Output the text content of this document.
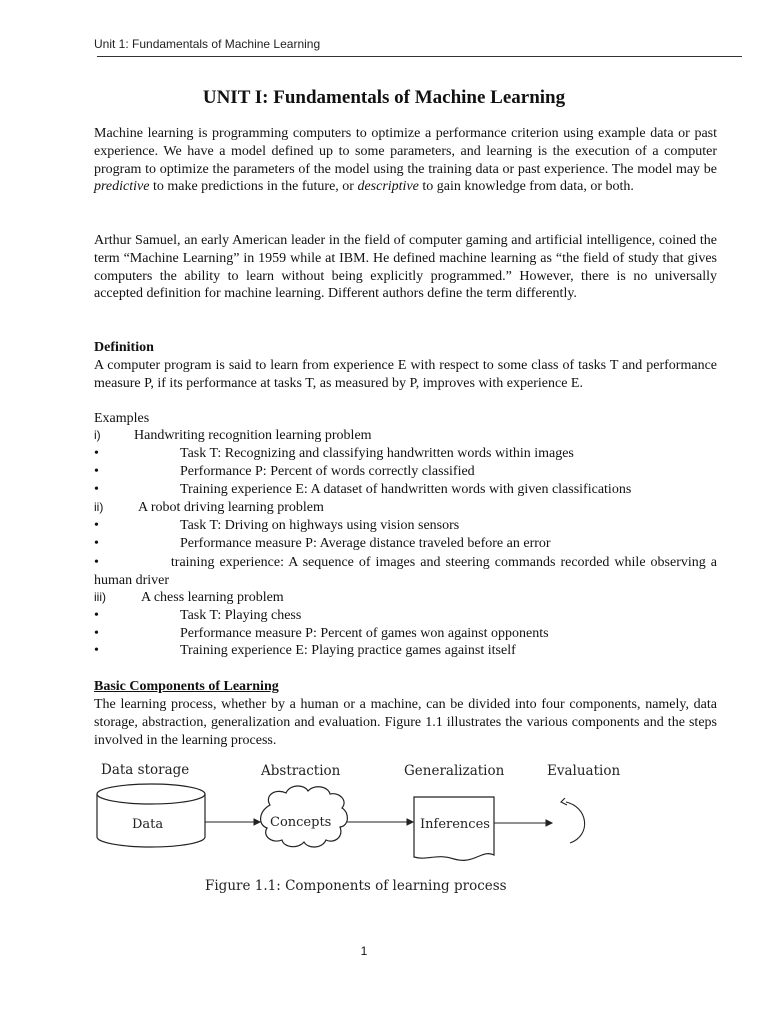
Unit 1: Fundamentals of Machine Learning
UNIT I: Fundamentals of Machine Learning

Machine learning is programming computers to optimize a performance criterion using example data or past experience. We have a model defined up to some parameters, and learning is the execution of a computer program to optimize the parameters of the model using the training data or past experience. The model may be predictive to make predictions in the future, or descriptive to gain knowledge from data, or both.

Arthur Samuel, an early American leader in the field of computer gaming and artificial intelligence, coined the term “Machine Learning” in 1959 while at IBM. He defined machine learning as “the field of study that gives computers the ability to learn without being explicitly programmed.” However, there is no universally accepted definition for machine learning. Different authors define the term differently.

Definition

A computer program is said to learn from experience E with respect to some class of tasks T and performance measure P, if its performance at tasks T, as measured by P, improves with experience E.

Examples
i) Handwriting recognition learning problem
•	Task T: Recognizing and classifying handwritten words within images
•	Performance P: Percent of words correctly classified
•	Training experience E: A dataset of handwritten words with given classifications
ii) A robot driving learning problem
•	Task T: Driving on highways using vision sensors
•	Performance measure P: Average distance traveled before an error
•	training experience: A sequence of images and steering commands recorded while observing a human driver
iii)	A chess learning problem
•	Task T: Playing chess
•	Performance measure P: Percent of games won against opponents
•	Training experience E: Playing practice games against itself
Basic Components of Learning

The learning process, whether by a human or a machine, can be divided into four components, namely, data storage, abstraction, generalization and evaluation. Figure 1.1 illustrates the various components and the steps involved in the learning process.

Data storage	Abstraction	Generalization	Evaluation
Data	Concepts	Inferences
Figure 1.1: Components of learning process
1
